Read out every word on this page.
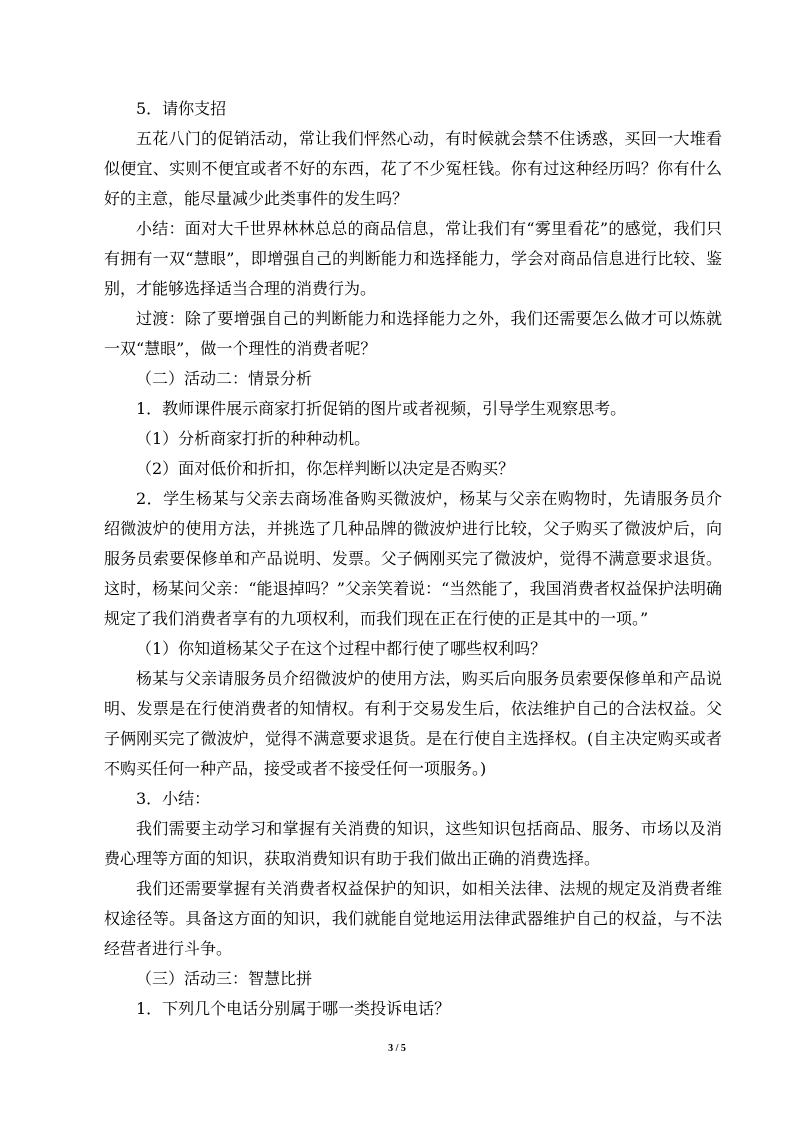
5．请你支招

五花八门的促销活动，常让我们怦然心动，有时候就会禁不住诱惑，买回一大堆看似便宜、实则不便宜或者不好的东西，花了不少冤枉钱。你有过这种经历吗？你有什么好的主意，能尽量减少此类事件的发生吗？

小结：面对大千世界林林总总的商品信息，常让我们有“雾里看花”的感觉，我们只有拥有一双“慧眼”，即增强自己的判断能力和选择能力，学会对商品信息进行比较、鉴别，才能够选择适当合理的消费行为。

过渡：除了要增强自己的判断能力和选择能力之外，我们还需要怎么做才可以炼就一双“慧眼”，做一个理性的消费者呢？

（二）活动二：情景分析

1．教师课件展示商家打折促销的图片或者视频，引导学生观察思考。

（1）分析商家打折的种种动机。

（2）面对低价和折扣，你怎样判断以决定是否购买？

2．学生杨某与父亲去商场准备购买微波炉，杨某与父亲在购物时，先请服务员介绍微波炉的使用方法，并挑选了几种品牌的微波炉进行比较，父子购买了微波炉后，向服务员索要保修单和产品说明、发票。父子俩刚买完了微波炉，觉得不满意要求退货。这时，杨某问父亲：“能退掉吗？”父亲笑着说：“当然能了，我国消费者权益保护法明确规定了我们消费者享有的九项权利，而我们现在正在行使的正是其中的一项。”

（1）你知道杨某父子在这个过程中都行使了哪些权利吗？

杨某与父亲请服务员介绍微波炉的使用方法，购买后向服务员索要保修单和产品说明、发票是在行使消费者的知情权。有利于交易发生后，依法维护自己的合法权益。父子俩刚买完了微波炉，觉得不满意要求退货。是在行使自主选择权。(自主决定购买或者不购买任何一种产品，接受或者不接受任何一项服务。)

3．小结：

我们需要主动学习和掌握有关消费的知识，这些知识包括商品、服务、市场以及消费心理等方面的知识，获取消费知识有助于我们做出正确的消费选择。

我们还需要掌握有关消费者权益保护的知识，如相关法律、法规的规定及消费者维权途径等。具备这方面的知识，我们就能自觉地运用法律武器维护自己的权益，与不法经营者进行斗争。

（三）活动三：智慧比拼

1．下列几个电话分别属于哪一类投诉电话？

3 / 5
